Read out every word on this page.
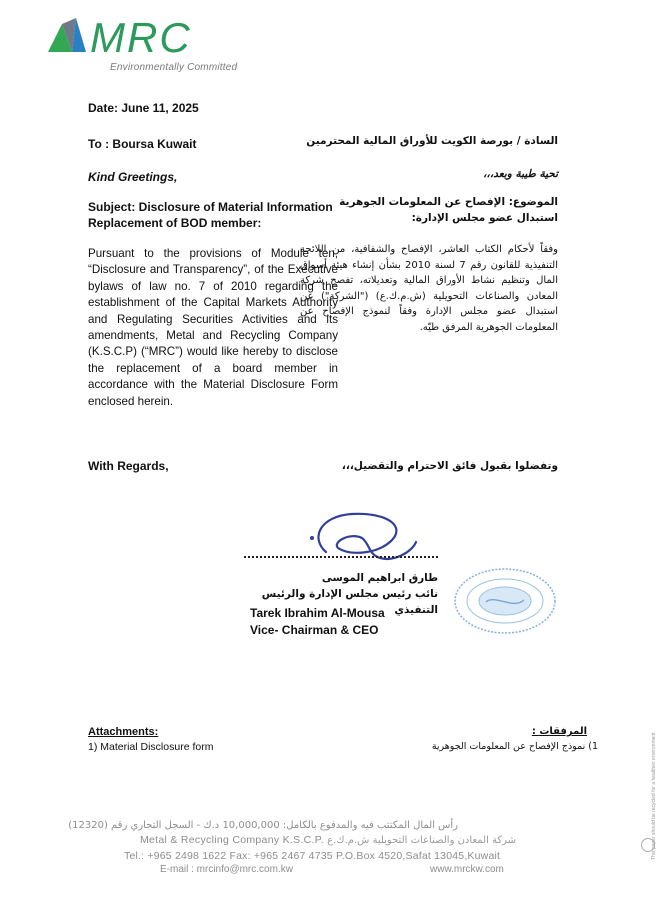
MRC
Environmentally Committed
Date: June 11, 2025
To : Boursa Kuwait	السادة / بورصة الكويت للأوراق المالية المحترمين
Kind Greetings,	تحية طيبة وبعد،،،
Subject: Disclosure of Material Information
Replacement of BOD member:
الموضوع: الإفصاح عن المعلومات الجوهرية
استبدال عضو مجلس الإدارة:
Pursuant to the provisions of Module ten, “Disclosure and Transparency”, of the Executive bylaws of law no. 7 of 2010 regarding the establishment of the Capital Markets Authority and Regulating Securities Activities and its amendments, Metal and Recycling Company (K.S.C.P) (“MRC”) would like hereby to disclose the replacement of a board member in accordance with the Material Disclosure Form enclosed herein.
وفقاً لأحكام الكتاب العاشر، الإفصاح والشفافية، من اللائحة التنفيذية للقانون رقم 7 لسنة 2010 بشأن إنشاء هيئة أسواق المال وتنظيم نشاط الأوراق المالية وتعديلاته، تفصح شركة المعادن والصناعات التحويلية (ش.م.ك.ع) ("الشركة") عن استبدال عضو مجلس الإدارة وفقاً لنموذج الإفصاح عن المعلومات الجوهرية المرفق طيّه.
With Regards,	وتفضلوا بقبول فائق الاحترام والتقضيل،،،
طارق ابراهيم الموسى
نائب رئيس مجلس الإدارة والرئيس التنفيذي
Tarek Ibrahim Al-Mousa
Vice- Chairman & CEO
Attachments:
1) Material Disclosure form
المرفقات :
1) نموذج الإفصاح عن المعلومات الجوهرية	This paper should be recycled for a healthier environment
رأس المال المكتتب فيه والمدفوع بالكامل: 10,000,000 د.ك - السجل التجاري رقم (12320)
Metal & Recycling Company K.S.C.P. شركة المعادن والصناعات التحويلية ش.م.ك.ع
Tel.: +965 2498 1622 Fax: +965 2467 4735 P.O.Box 4520,Safat 13045,Kuwait
E-mail : mrcinfo@mrc.com.kw	www.mrckw.com
